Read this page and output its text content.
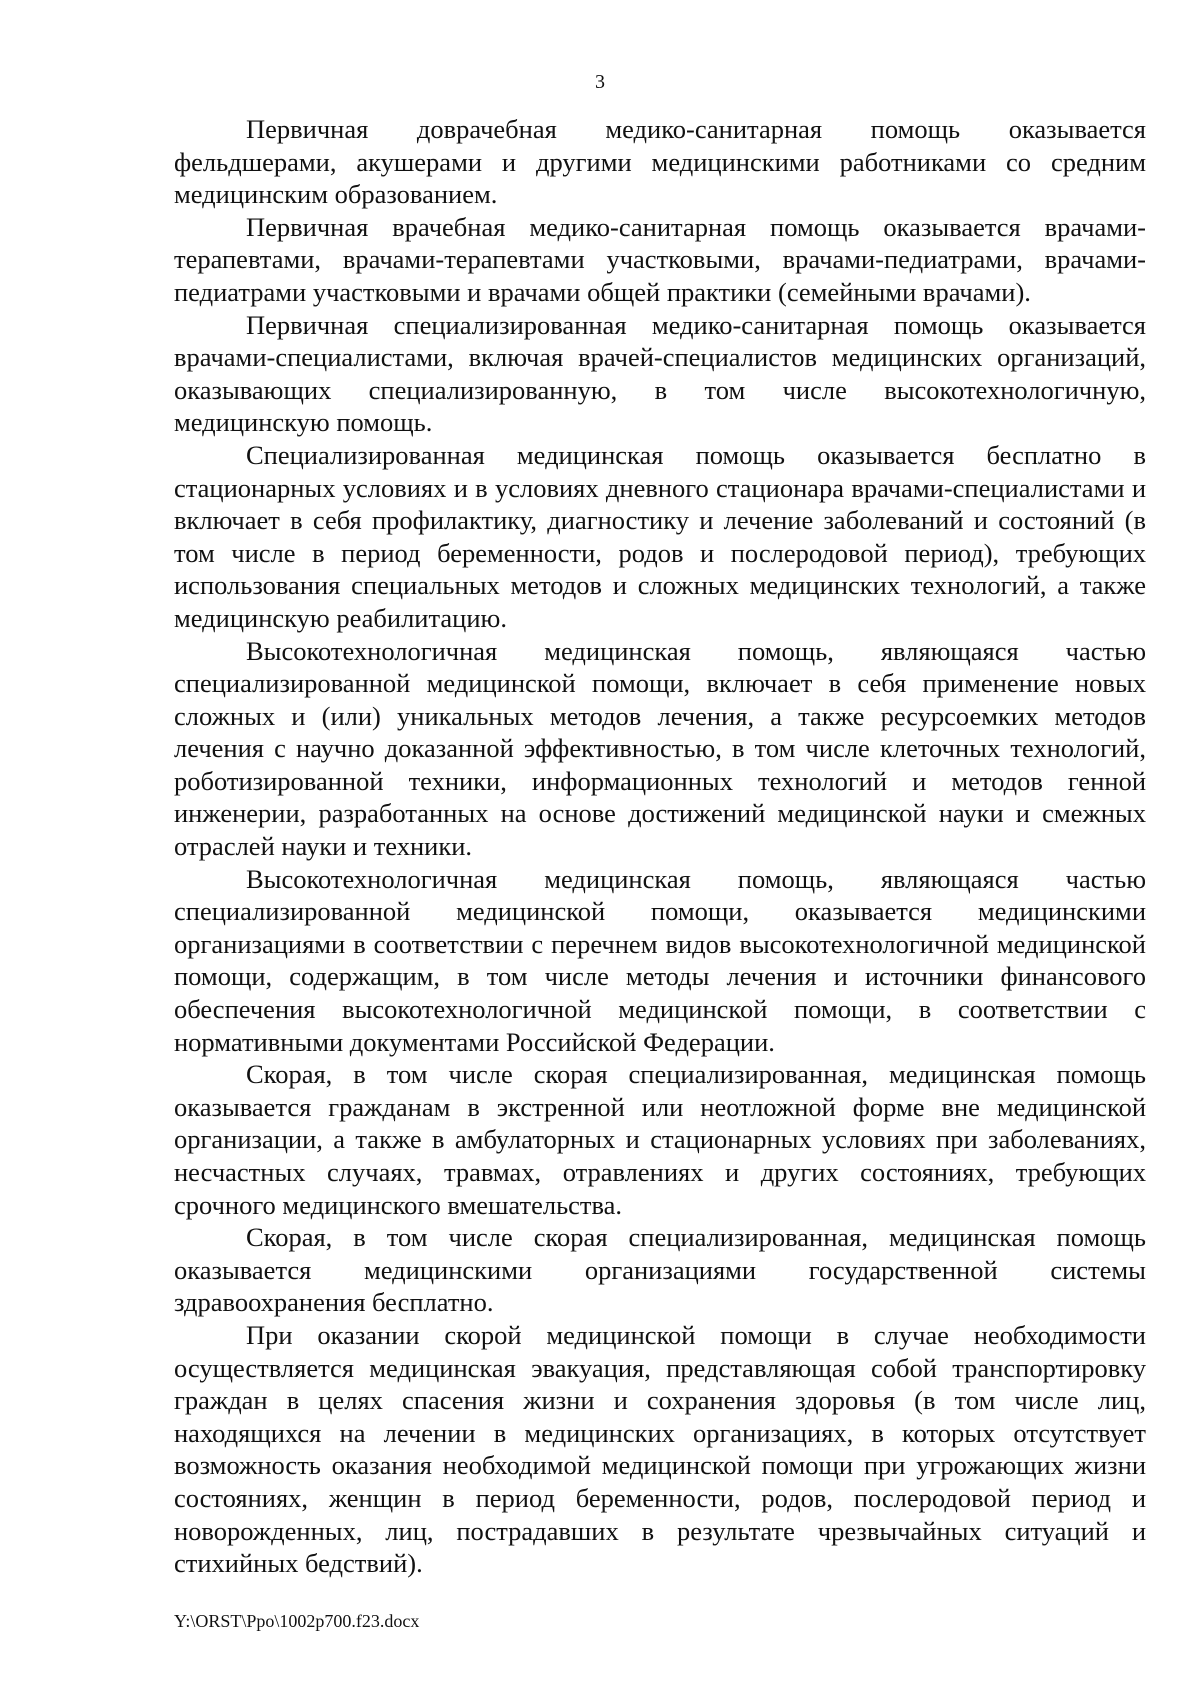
3

Первичная доврачебная медико-санитарная помощь оказывается фельдшерами, акушерами и другими медицинскими работниками со средним медицинским образованием.

Первичная врачебная медико-санитарная помощь оказывается врачами-терапевтами, врачами-терапевтами участковыми, врачами-педиатрами, врачами-педиатрами участковыми и врачами общей практики (семейными врачами).

Первичная специализированная медико-санитарная помощь оказывается врачами-специалистами, включая врачей-специалистов медицинских организаций, оказывающих специализированную, в том числе высокотехнологичную, медицинскую помощь.

Специализированная медицинская помощь оказывается бесплатно в стационарных условиях и в условиях дневного стационара врачами-специалистами и включает в себя профилактику, диагностику и лечение заболеваний и состояний (в том числе в период беременности, родов и послеродовой период), требующих использования специальных методов и сложных медицинских технологий, а также медицинскую реабилитацию.

Высокотехнологичная медицинская помощь, являющаяся частью специализированной медицинской помощи, включает в себя применение новых сложных и (или) уникальных методов лечения, а также ресурсоемких методов лечения с научно доказанной эффективностью, в том числе клеточных технологий, роботизированной техники, информационных технологий и методов генной инженерии, разработанных на основе достижений медицинской науки и смежных отраслей науки и техники.

Высокотехнологичная медицинская помощь, являющаяся частью специализированной медицинской помощи, оказывается медицинскими организациями в соответствии с перечнем видов высокотехнологичной медицинской помощи, содержащим, в том числе методы лечения и источники финансового обеспечения высокотехнологичной медицинской помощи, в соответствии с нормативными документами Российской Федерации.

Скорая, в том числе скорая специализированная, медицинская помощь оказывается гражданам в экстренной или неотложной форме вне медицинской организации, а также в амбулаторных и стационарных условиях при заболеваниях, несчастных случаях, травмах, отравлениях и других состояниях, требующих срочного медицинского вмешательства.

Скорая, в том числе скорая специализированная, медицинская помощь оказывается медицинскими организациями государственной системы здравоохранения бесплатно.

При оказании скорой медицинской помощи в случае необходимости осуществляется медицинская эвакуация, представляющая собой транспортировку граждан в целях спасения жизни и сохранения здоровья (в том числе лиц, находящихся на лечении в медицинских организациях, в которых отсутствует возможность оказания необходимой медицинской помощи при угрожающих жизни состояниях, женщин в период беременности, родов, послеродовой период и новорожденных, лиц, пострадавших в результате чрезвычайных ситуаций и стихийных бедствий).

Y:\ORST\Ppo\1002p700.f23.docx
